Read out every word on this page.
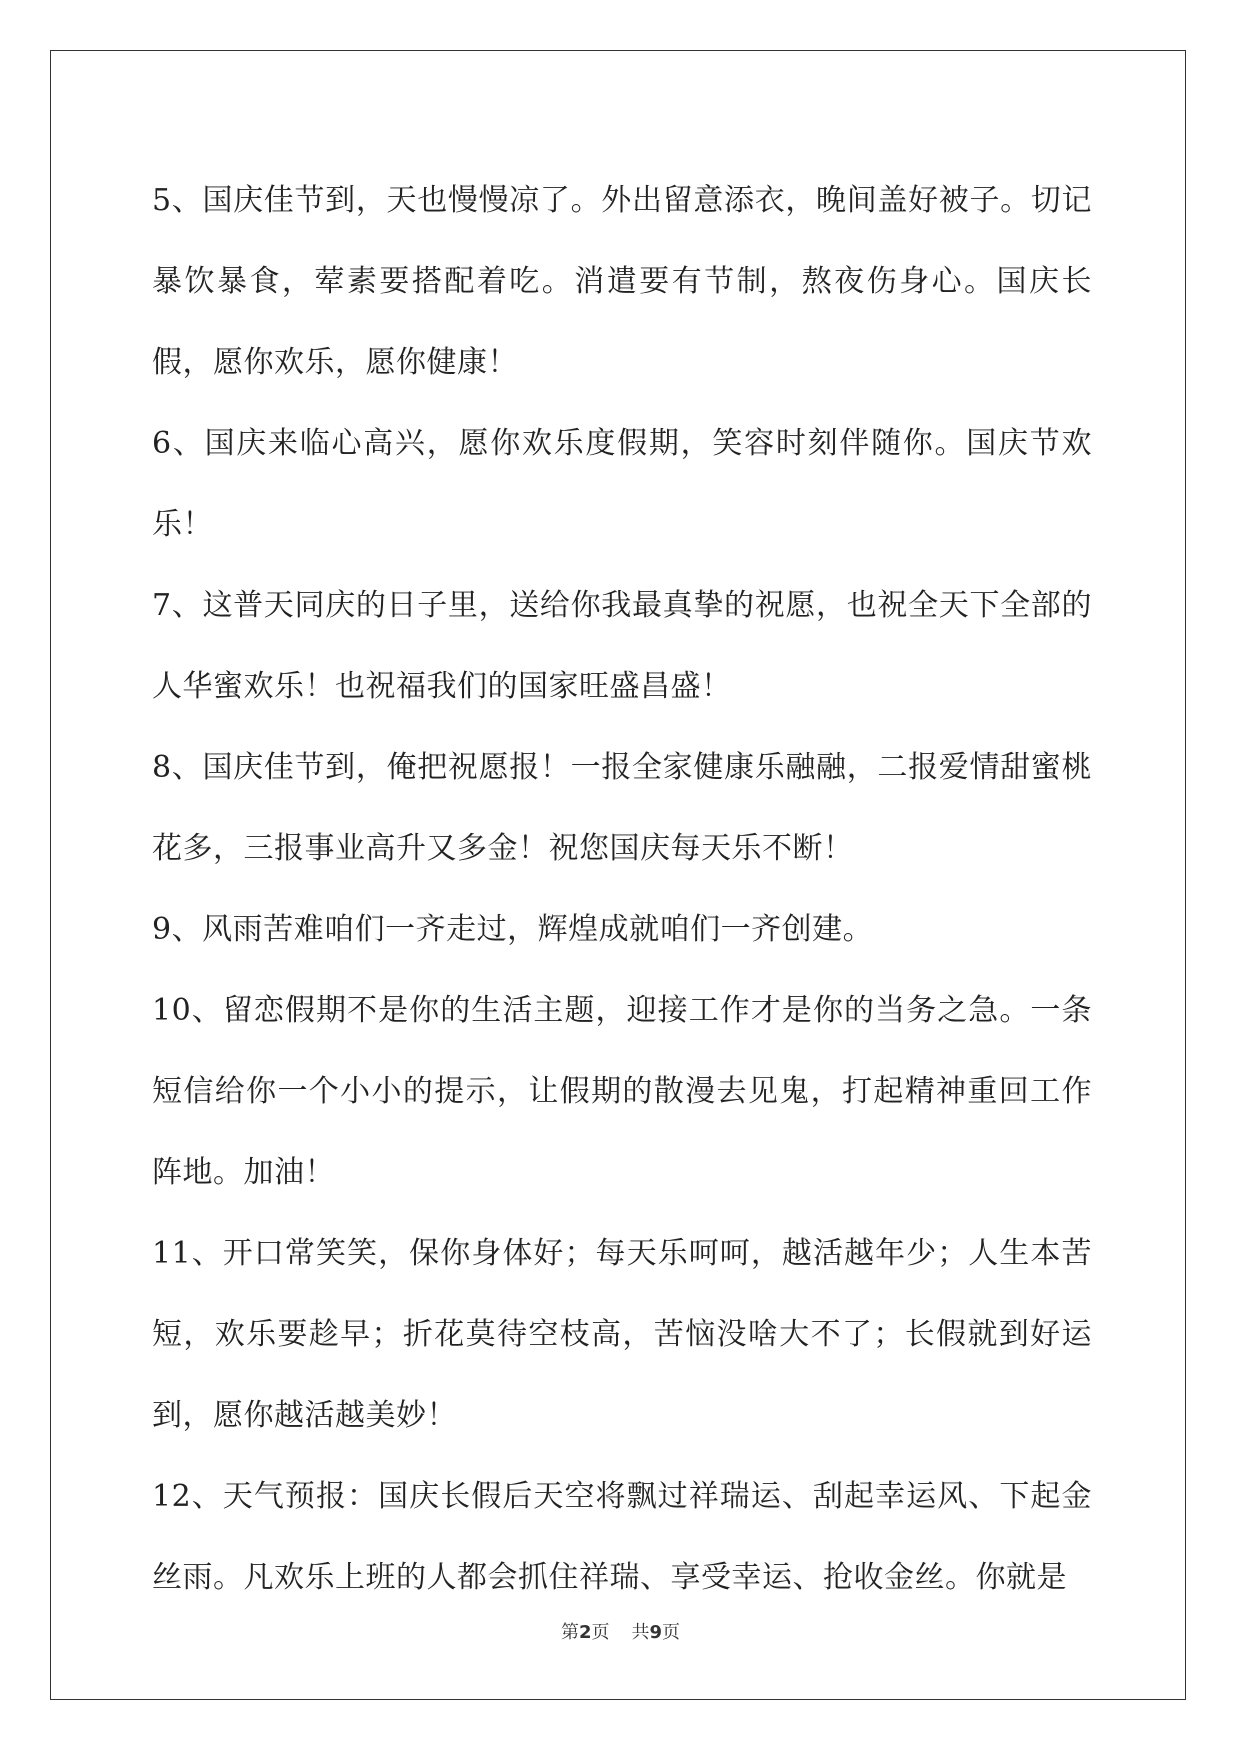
5、国庆佳节到，天也慢慢凉了。外出留意添衣，晚间盖好被子。切记暴饮暴食，荤素要搭配着吃。消遣要有节制，熬夜伤身心。国庆长假，愿你欢乐，愿你健康！

6、国庆来临心高兴，愿你欢乐度假期，笑容时刻伴随你。国庆节欢乐！

7、这普天同庆的日子里，送给你我最真挚的祝愿，也祝全天下全部的人华蜜欢乐！也祝福我们的国家旺盛昌盛！

8、国庆佳节到，俺把祝愿报！一报全家健康乐融融，二报爱情甜蜜桃花多，三报事业高升又多金！祝您国庆每天乐不断！

9、风雨苦难咱们一齐走过，辉煌成就咱们一齐创建。

10、留恋假期不是你的生活主题，迎接工作才是你的当务之急。一条短信给你一个小小的提示，让假期的散漫去见鬼，打起精神重回工作阵地。加油！

11、开口常笑笑，保你身体好；每天乐呵呵，越活越年少；人生本苦短，欢乐要趁早；折花莫待空枝高，苦恼没啥大不了；长假就到好运到，愿你越活越美妙！

12、天气预报：国庆长假后天空将飘过祥瑞运、刮起幸运风、下起金丝雨。凡欢乐上班的人都会抓住祥瑞、享受幸运、抢收金丝。你就是

第2页 共9页
